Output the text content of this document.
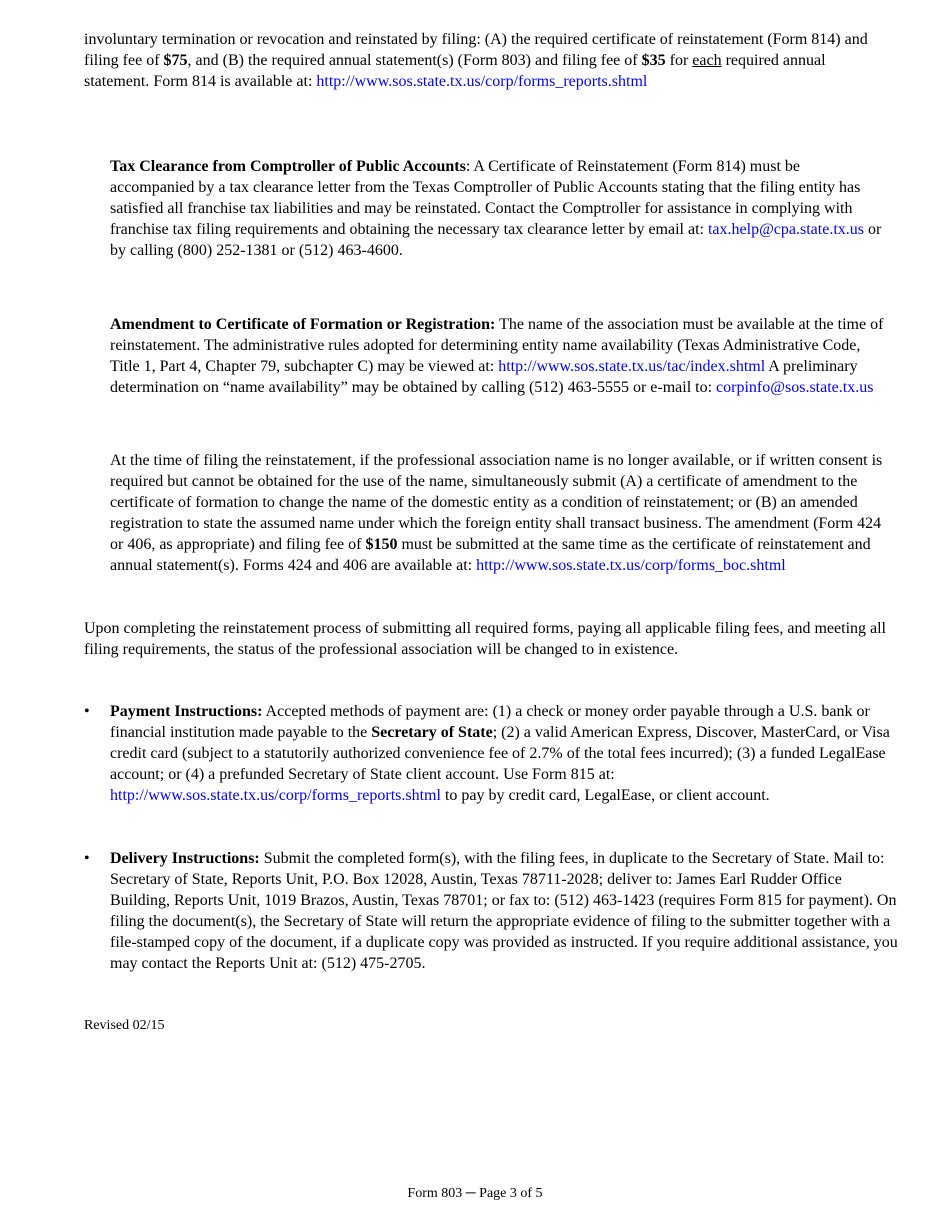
involuntary termination or revocation and reinstated by filing: (A) the required certificate of reinstatement (Form 814) and filing fee of $75, and (B) the required annual statement(s) (Form 803) and filing fee of $35 for each required annual statement. Form 814 is available at: http://www.sos.state.tx.us/corp/forms_reports.shtml

Tax Clearance from Comptroller of Public Accounts: A Certificate of Reinstatement (Form 814) must be accompanied by a tax clearance letter from the Texas Comptroller of Public Accounts stating that the filing entity has satisfied all franchise tax liabilities and may be reinstated. Contact the Comptroller for assistance in complying with franchise tax filing requirements and obtaining the necessary tax clearance letter by email at: tax.help@cpa.state.tx.us or by calling (800) 252-1381 or (512) 463-4600.

Amendment to Certificate of Formation or Registration: The name of the association must be available at the time of reinstatement. The administrative rules adopted for determining entity name availability (Texas Administrative Code, Title 1, Part 4, Chapter 79, subchapter C) may be viewed at: http://www.sos.state.tx.us/tac/index.shtml A preliminary determination on “name availability” may be obtained by calling (512) 463-5555 or e-mail to: corpinfo@sos.state.tx.us

At the time of filing the reinstatement, if the professional association name is no longer available, or if written consent is required but cannot be obtained for the use of the name, simultaneously submit (A) a certificate of amendment to the certificate of formation to change the name of the domestic entity as a condition of reinstatement; or (B) an amended registration to state the assumed name under which the foreign entity shall transact business. The amendment (Form 424 or 406, as appropriate) and filing fee of $150 must be submitted at the same time as the certificate of reinstatement and annual statement(s). Forms 424 and 406 are available at: http://www.sos.state.tx.us/corp/forms_boc.shtml

Upon completing the reinstatement process of submitting all required forms, paying all applicable filing fees, and meeting all filing requirements, the status of the professional association will be changed to in existence.

• Payment Instructions: Accepted methods of payment are: (1) a check or money order payable through a U.S. bank or financial institution made payable to the Secretary of State; (2) a valid American Express, Discover, MasterCard, or Visa credit card (subject to a statutorily authorized convenience fee of 2.7% of the total fees incurred); (3) a funded LegalEase account; or (4) a prefunded Secretary of State client account. Use Form 815 at: http://www.sos.state.tx.us/corp/forms_reports.shtml to pay by credit card, LegalEase, or client account.

• Delivery Instructions: Submit the completed form(s), with the filing fees, in duplicate to the Secretary of State. Mail to: Secretary of State, Reports Unit, P.O. Box 12028, Austin, Texas 78711-2028; deliver to: James Earl Rudder Office Building, Reports Unit, 1019 Brazos, Austin, Texas 78701; or fax to: (512) 463-1423 (requires Form 815 for payment). On filing the document(s), the Secretary of State will return the appropriate evidence of filing to the submitter together with a file-stamped copy of the document, if a duplicate copy was provided as instructed. If you require additional assistance, you may contact the Reports Unit at: (512) 475-2705.

Revised 02/15

Form 803 ─ Page 3 of 5
